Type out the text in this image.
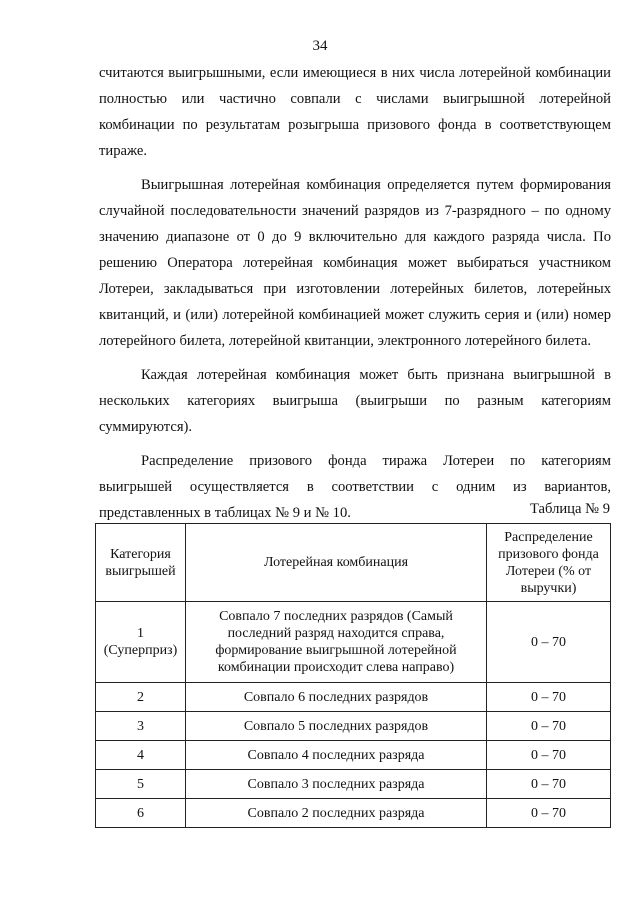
34

считаются выигрышными, если имеющиеся в них числа лотерейной комбинации полностью или частично совпали с числами выигрышной лотерейной комбинации по результатам розыгрыша призового фонда в соответствующем тираже.

Выигрышная лотерейная комбинация определяется путем формирования случайной последовательности значений разрядов из 7-разрядного – по одному значению диапазоне от 0 до 9 включительно для каждого разряда числа. По решению Оператора лотерейная комбинация может выбираться участником Лотереи, закладываться при изготовлении лотерейных билетов, лотерейных квитанций, и (или) лотерейной комбинацией может служить серия и (или) номер лотерейного билета, лотерейной квитанции, электронного лотерейного билета.

Каждая лотерейная комбинация может быть признана выигрышной в нескольких категориях выигрыша (выигрыши по разным категориям суммируются).

Распределение призового фонда тиража Лотереи по категориям выигрышей осуществляется в соответствии с одним из вариантов, представленных в таблицах № 9 и № 10.	Таблица № 9
Категория выигрышей	Лотерейная комбинация	Распределение призового фонда Лотереи (% от выручки)
1 (Суперприз)	Совпало 7 последних разрядов (Самый последний разряд находится справа, формирование выигрышной лотерейной комбинации происходит слева направо)	0 – 70
2	Совпало 6 последних разрядов	0 – 70
3	Совпало 5 последних разрядов	0 – 70
4	Совпало 4 последних разряда	0 – 70
5	Совпало 3 последних разряда	0 – 70
6	Совпало 2 последних разряда	0 – 70
